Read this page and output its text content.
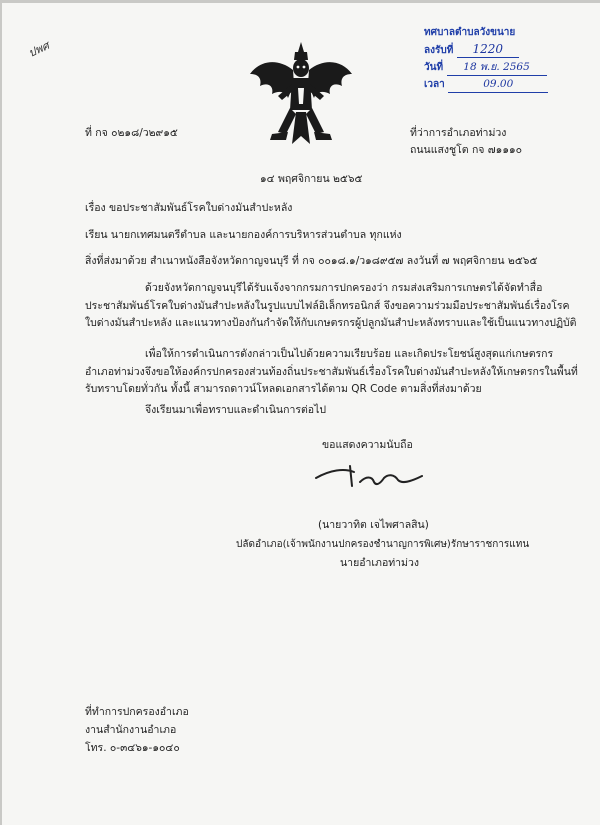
ปพศ
ทศบาลตำบลวังขนาย
ลงรับที่ 1220
วันที่ 18 พ.ย. 2565
เวลา	09.00
ที่ กจ ๐๒๑๘/ว๒๙๑๕	ที่ว่าการอำเภอท่าม่วง
ถนนแสงชูโต กจ ๗๑๑๑๐
๑๔ พฤศจิกายน ๒๕๖๕
เรื่อง ขอประชาสัมพันธ์โรคใบด่างมันสำปะหลัง
เรียน นายกเทศมนตรีตำบล และนายกองค์การบริหารส่วนตำบล ทุกแห่ง
สิ่งที่ส่งมาด้วย สำเนาหนังสือจังหวัดกาญจนบุรี ที่ กจ ๐๐๑๘.๑/ว๑๘๙๕๗ ลงวันที่ ๗ พฤศจิกายน ๒๕๖๕
ด้วยจังหวัดกาญจนบุรีได้รับแจ้งจากกรมการปกครองว่า กรมส่งเสริมการเกษตรได้จัดทำสื่อ
ประชาสัมพันธ์โรคใบด่างมันสำปะหลังในรูปแบบไฟล์อิเล็กทรอนิกส์ จึงขอความร่วมมือประชาสัมพันธ์เรื่องโรค
ใบด่างมันสำปะหลัง และแนวทางป้องกันกำจัดให้กับเกษตรกรผู้ปลูกมันสำปะหลังทราบและใช้เป็นแนวทางปฏิบัติ
เพื่อให้การดำเนินการดังกล่าวเป็นไปด้วยความเรียบร้อย และเกิดประโยชน์สูงสุดแก่เกษตรกร
อำเภอท่าม่วงจึงขอให้องค์กรปกครองส่วนท้องถิ่นประชาสัมพันธ์เรื่องโรคใบด่างมันสำปะหลังให้เกษตรกรในพื้นที่
รับทราบโดยทั่วกัน ทั้งนี้ สามารถดาวน์โหลดเอกสารได้ตาม QR Code ตามสิ่งที่ส่งมาด้วย
จึงเรียนมาเพื่อทราบและดำเนินการต่อไป
ขอแสดงความนับถือ
(นายวาทิต เจไพศาลสิน)
ปลัดอำเภอ(เจ้าพนักงานปกครองชำนาญการพิเศษ)รักษาราชการแทน
นายอำเภอท่าม่วง
ที่ทำการปกครองอำเภอ
งานสำนักงานอำเภอ
โทร. ๐-๓๔๖๑-๑๐๔๐
